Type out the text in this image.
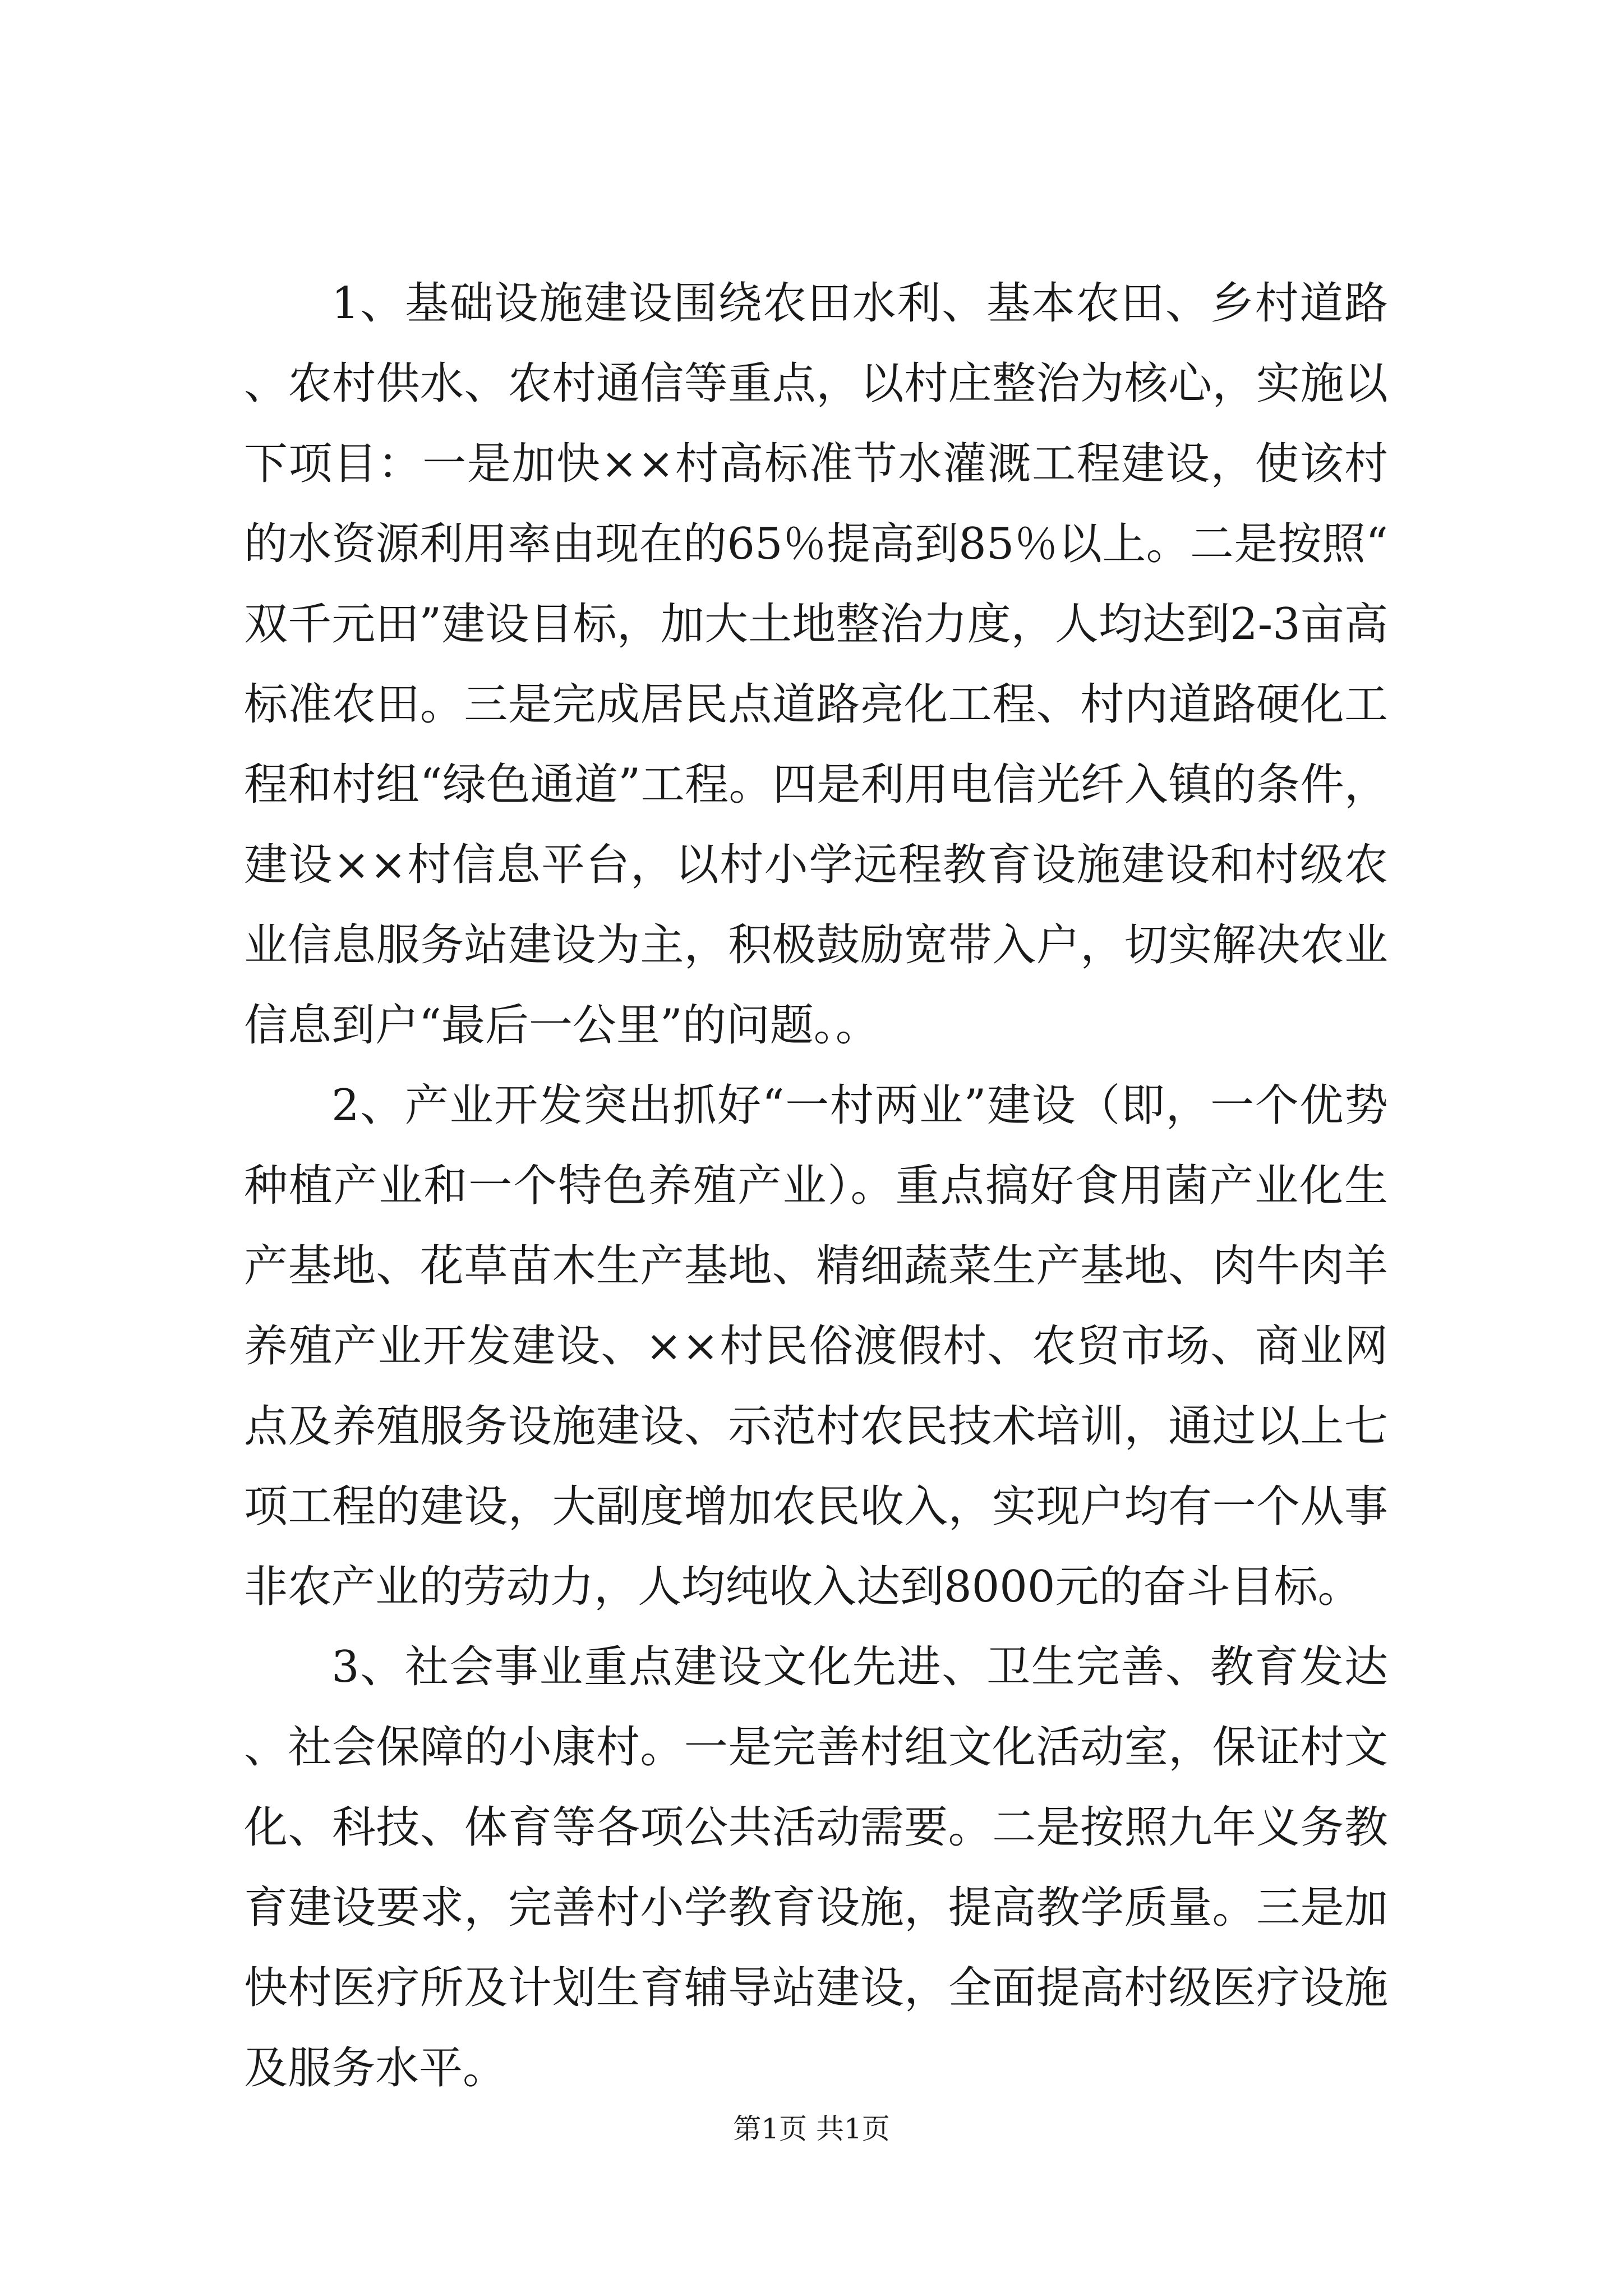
1、基础设施建设围绕农田水利、基本农田、乡村道路、农村供水、农村通信等重点，以村庄整治为核心，实施以下项目：一是加快××村高标准节水灌溉工程建设，使该村的水资源利用率由现在的65％提高到85％以上。二是按照“双千元田”建设目标，加大土地整治力度，人均达到2-3亩高标准农田。三是完成居民点道路亮化工程、村内道路硬化工程和村组“绿色通道”工程。四是利用电信光纤入镇的条件，建设××村信息平台，以村小学远程教育设施建设和村级农业信息服务站建设为主，积极鼓励宽带入户，切实解决农业信息到户“最后一公里”的问题。。

2、产业开发突出抓好“一村两业”建设（即，一个优势种植产业和一个特色养殖产业）。重点搞好食用菌产业化生产基地、花草苗木生产基地、精细蔬菜生产基地、肉牛肉羊养殖产业开发建设、××村民俗渡假村、农贸市场、商业网点及养殖服务设施建设、示范村农民技术培训，通过以上七项工程的建设，大副度增加农民收入，实现户均有一个从事非农产业的劳动力，人均纯收入达到8000元的奋斗目标。

3、社会事业重点建设文化先进、卫生完善、教育发达、社会保障的小康村。一是完善村组文化活动室，保证村文化、科技、体育等各项公共活动需要。二是按照九年义务教育建设要求，完善村小学教育设施，提高教学质量。三是加快村医疗所及计划生育辅导站建设，全面提高村级医疗设施及服务水平。

第1页 共1页
